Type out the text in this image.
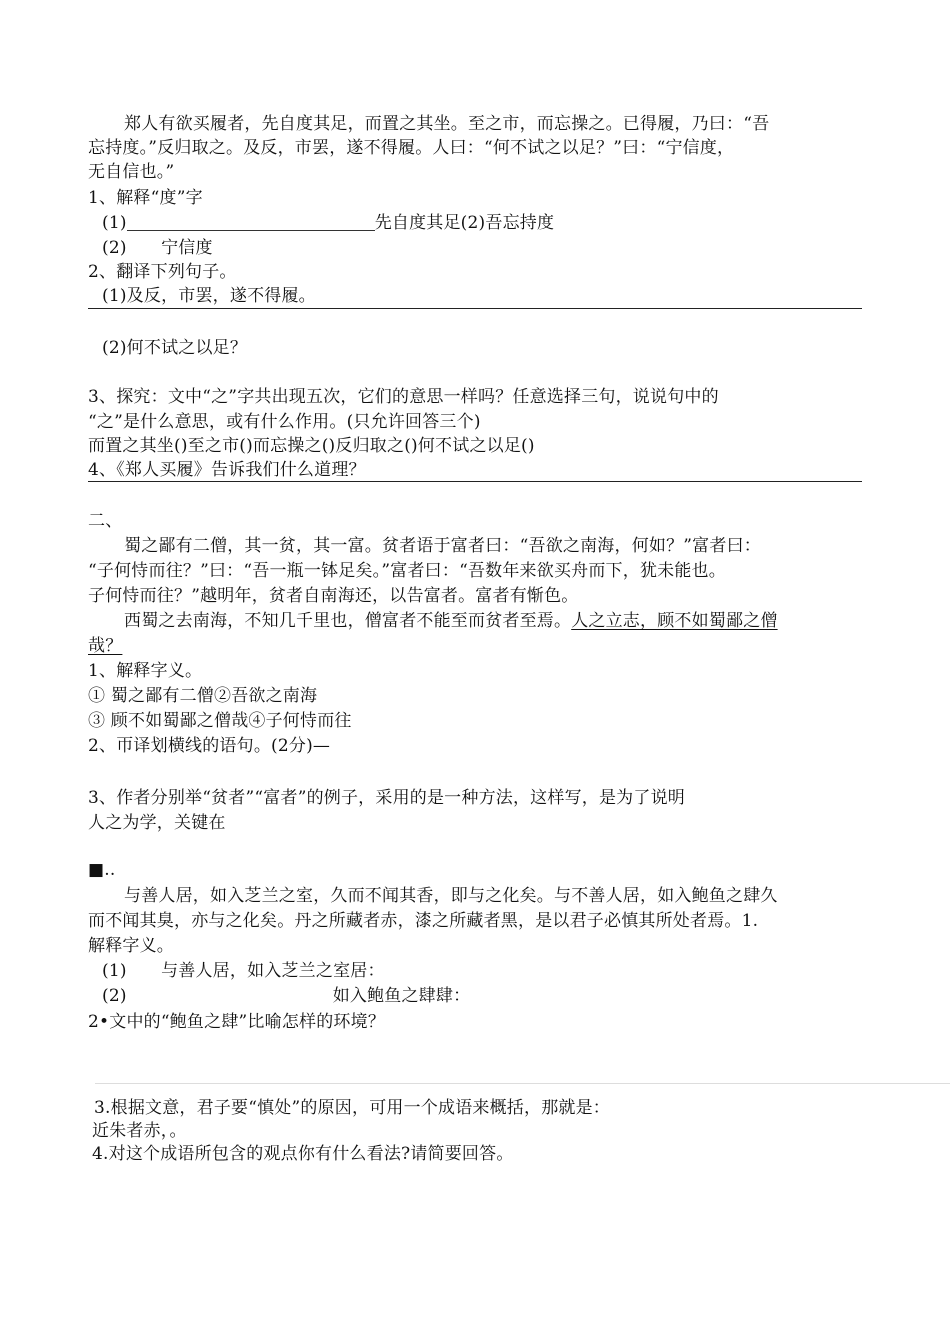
郑人有欲买履者，先自度其足，而置之其坐。至之市，而忘操之。已得履，乃曰：“吾
忘持度。”反归取之。及反，市罢，遂不得履。人曰：“何不试之以足？”曰：“宁信度，
无自信也。”
1、解释“度”字
(1)	先自度其足(2)吾忘持度
(2)　　宁信度
2、翻译下列句子。
(1)及反，市罢，遂不得履。
(2)何不试之以足？
3、探究：文中“之”字共出现五次，它们的意思一样吗？任意选择三句，说说句中的
“之”是什么意思，或有什么作用。(只允许回答三个)
而置之其坐()至之市()而忘操之()反归取之()何不试之以足()
4、《郑人买履》告诉我们什么道理？
二、
蜀之鄙有二僧，其一贫，其一富。贫者语于富者曰：“吾欲之南海，何如？”富者曰：
“子何恃而往？”曰：“吾一瓶一钵足矣。”富者曰：“吾数年来欲买舟而下，犹未能也。
子何恃而往？”越明年，贫者自南海还，以告富者。富者有惭色。
西蜀之去南海，不知几千里也，僧富者不能至而贫者至焉。人之立志，顾不如蜀鄙之僧
哉？
1、解释字义。
① 蜀之鄙有二僧②吾欲之南海
③ 顾不如蜀鄙之僧哉④子何恃而往
2、帀译划横线的语句。(2分)—
3、作者分别举“贫者”“富者”的例子，采用的是一种方法，这样写，是为了说明
人之为学，关键在
■..
与善人居，如入芝兰之室，久而不闻其香，即与之化矣。与不善人居，如入鲍鱼之肆久
而不闻其臭，亦与之化矣。丹之所藏者赤，漆之所藏者黑，是以君子必慎其所处者焉。1.
解释字义。
(1)　　与善人居，如入芝兰之室居：
(2)	如入鲍鱼之肆肆：
2•文中的“鲍鱼之肆”比喻怎样的环境？
3.根据文意，君子要“慎处”的原因，可用一个成语来概括，那就是：
近朱者赤，。
4.对这个成语所包含的观点你有什么看法?请简要回答。
